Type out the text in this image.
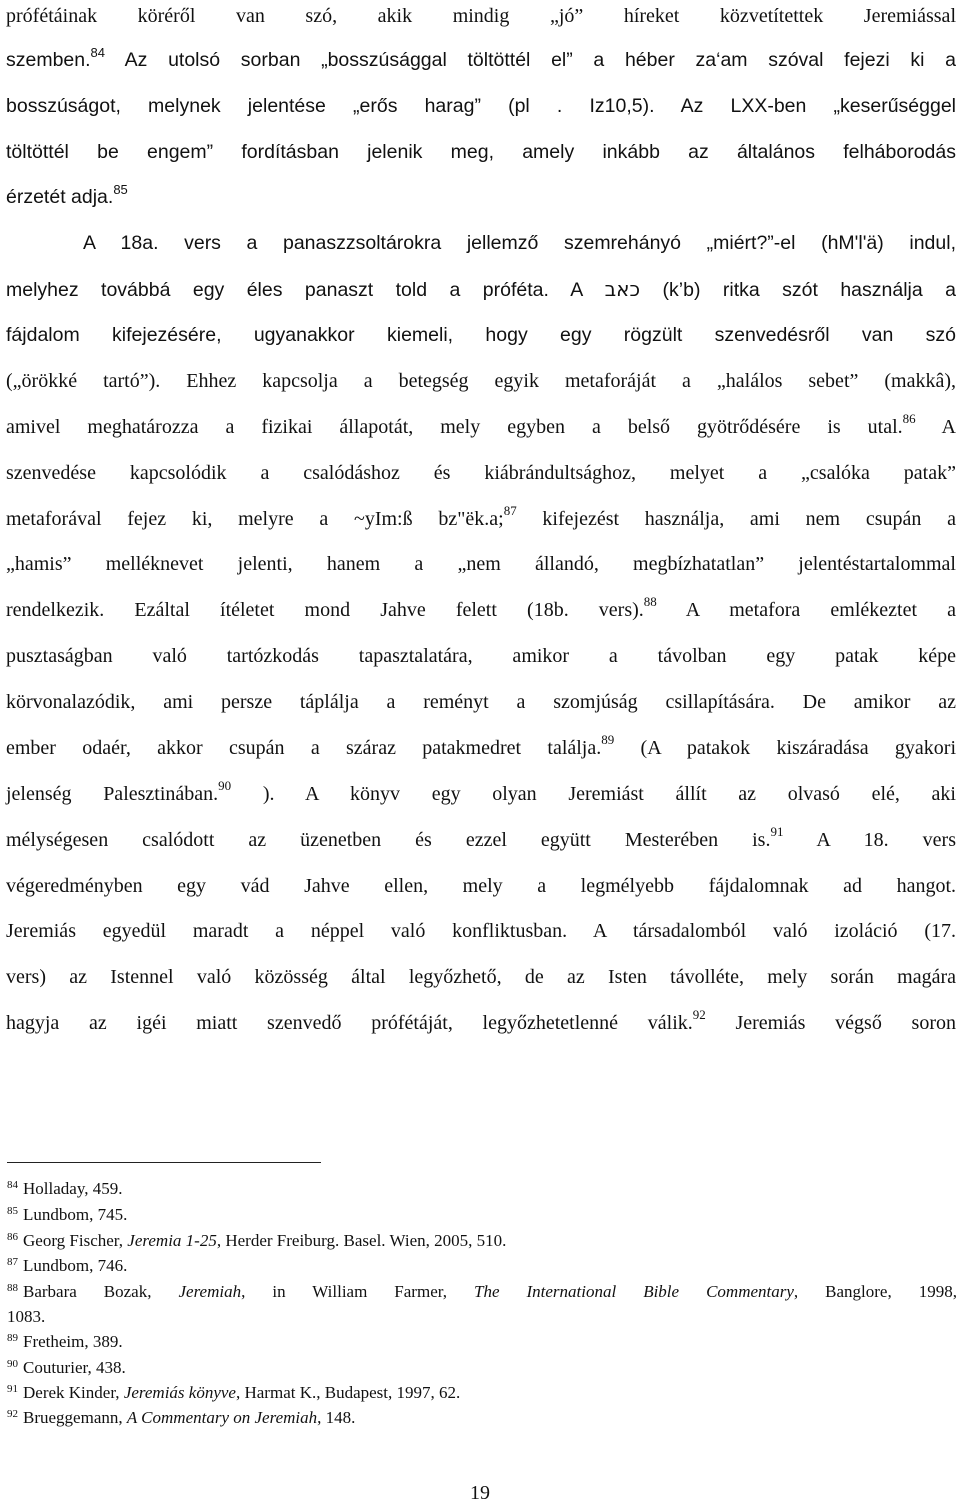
prófétáinak köréről van szó, akik mindig „jó” híreket közvetítettek Jeremiással
szemben.$^{84}$ Az utolsó sorban „bosszúsággal töltöttél el” a héber za‘am szóval fejezi ki a
bosszúságot, melynek jelentése „erős harag” (pl . Iz10,5). Az LXX-ben „keserűséggel
töltöttél be engem” fordításban jelenik meg, amely inkább az általános felháborodás
érzetét adja.$^{85}$
A 18a. vers a panaszzsoltárokra jellemző szemrehányó „miért?”-el (hM'l'ä) indul,
melyhez továbbá egy éles panaszt told a próféta. A כאב (k’b) ritka szót használja a
fájdalom kifejezésére, ugyanakkor kiemeli, hogy egy rögzült szenvedésről van szó
(„örökké tartó”). Ehhez kapcsolja a betegség egyik metaforáját a „halálos sebet” (makkâ),
amivel meghatározza a fizikai állapotát, mely egyben a belső gyötrődésére is utal.$^{86}$ A
szenvedése kapcsolódik a csalódáshoz és kiábrándultsághoz, melyet a „csalóka patak”
metaforával fejez ki, melyre a ~yIm:ß bz"ëk.a;$^{87}$ kifejezést használja, ami nem csupán a
„hamis” melléknevet jelenti, hanem a „nem állandó, megbízhatatlan” jelentéstartalommal
rendelkezik. Ezáltal ítéletet mond Jahve felett (18b. vers).$^{88}$ A metafora emlékeztet a
pusztaságban való tartózkodás tapasztalatára, amikor a távolban egy patak képe
körvonalazódik, ami persze táplálja a reményt a szomjúság csillapítására. De amikor az
ember odaér, akkor csupán a száraz patakmedret találja.$^{89}$ (A patakok kiszáradása gyakori
jelenség Palesztinában.$^{90}$ ). A könyv egy olyan Jeremiást állít az olvasó elé, aki
mélységesen csalódott az üzenetben és ezzel együtt Mesterében is.$^{91}$ A 18. vers
végeredményben egy vád Jahve ellen, mely a legmélyebb fájdalomnak ad hangot.
Jeremiás egyedül maradt a néppel való konfliktusban. A társadalomból való izoláció (17.
vers) az Istennel való közösség által legyőzhető, de az Isten távolléte, mely során magára
hagyja az igéi miatt szenvedő prófétáját, legyőzhetetlenné válik.$^{92}$ Jeremiás végső soron
$^{84}$ Holladay, 459.
$^{85}$ Lundbom, 745.
$^{86}$ Georg Fischer, Jeremia 1-25, Herder Freiburg. Basel. Wien, 2005, 510.
$^{87}$ Lundbom, 746.
$^{88}$ Barbara Bozak, Jeremiah, in William Farmer, The International Bible Commentary, Banglore, 1998,
1083.
$^{89}$ Fretheim, 389.
$^{90}$ Couturier, 438.
$^{91}$ Derek Kinder, Jeremiás könyve, Harmat K., Budapest, 1997, 62.
$^{92}$ Brueggemann, A Commentary on Jeremiah, 148.
19
